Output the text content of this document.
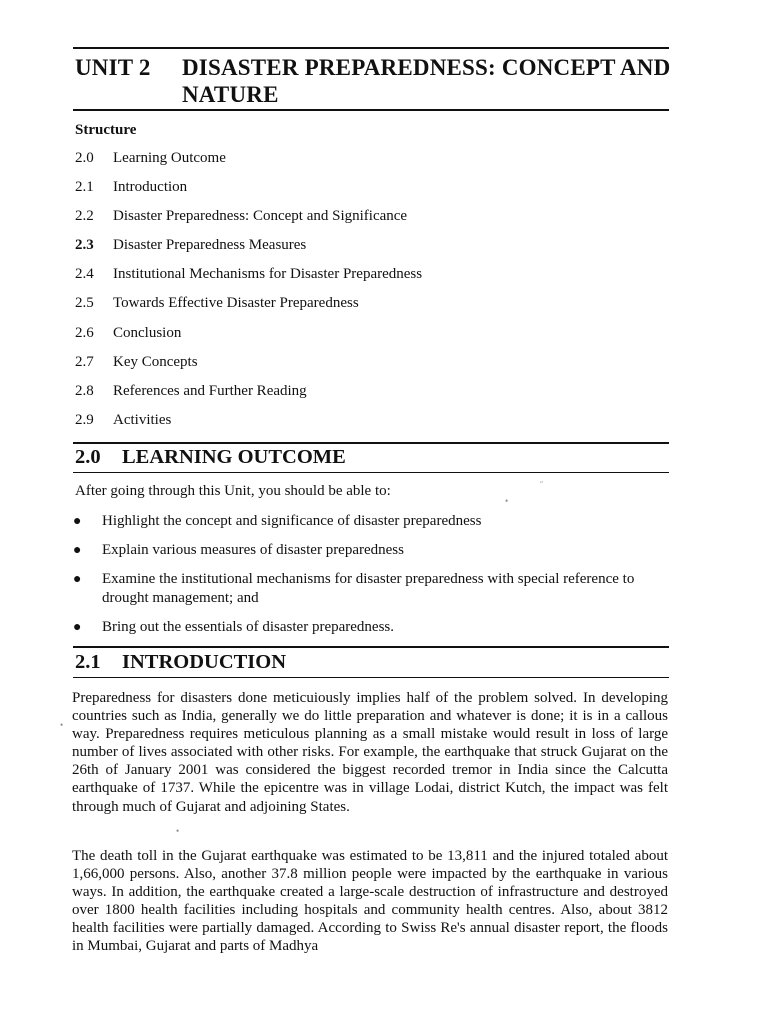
UNIT 2 DISASTER PREPAREDNESS: CONCEPT AND NATURE
Structure
2.0 Learning Outcome
2.1 Introduction
2.2 Disaster Preparedness: Concept and Significance
2.3 Disaster Preparedness Measures
2.4 Institutional Mechanisms for Disaster Preparedness
2.5 Towards Effective Disaster Preparedness
2.6 Conclusion
2.7 Key Concepts
2.8 References and Further Reading
2.9 Activities
2.0 LEARNING OUTCOME
After going through this Unit, you should be able to:
● Highlight the concept and significance of disaster preparedness
● Explain various measures of disaster preparedness
● Examine the institutional mechanisms for disaster preparedness with special reference to drought management; and
● Bring out the essentials of disaster preparedness.
2.1 INTRODUCTION

Preparedness for disasters done meticuiously implies half of the problem solved. In developing countries such as India, generally we do little preparation and whatever is done; it is in a callous way. Preparedness requires meticulous planning as a small mistake would result in loss of large number of lives associated with other risks. For example, the earthquake that struck Gujarat on the 26th of January 2001 was considered the biggest recorded tremor in India since the Calcutta earthquake of 1737. While the epicentre was in village Lodai, district Kutch, the impact was felt through much of Gujarat and adjoining States.

The death toll in the Gujarat earthquake was estimated to be 13,811 and the injured totaled about 1,66,000 persons. Also, another 37.8 million people were impacted by the earthquake in various ways. In addition, the earthquake created a large-scale destruction of infrastructure and destroyed over 1800 health facilities including hospitals and community health centres. Also, about 3812 health facilities were partially damaged. According to Swiss Re's annual disaster report, the floods in Mumbai, Gujarat and parts of Madhya

˝
•
•
•
